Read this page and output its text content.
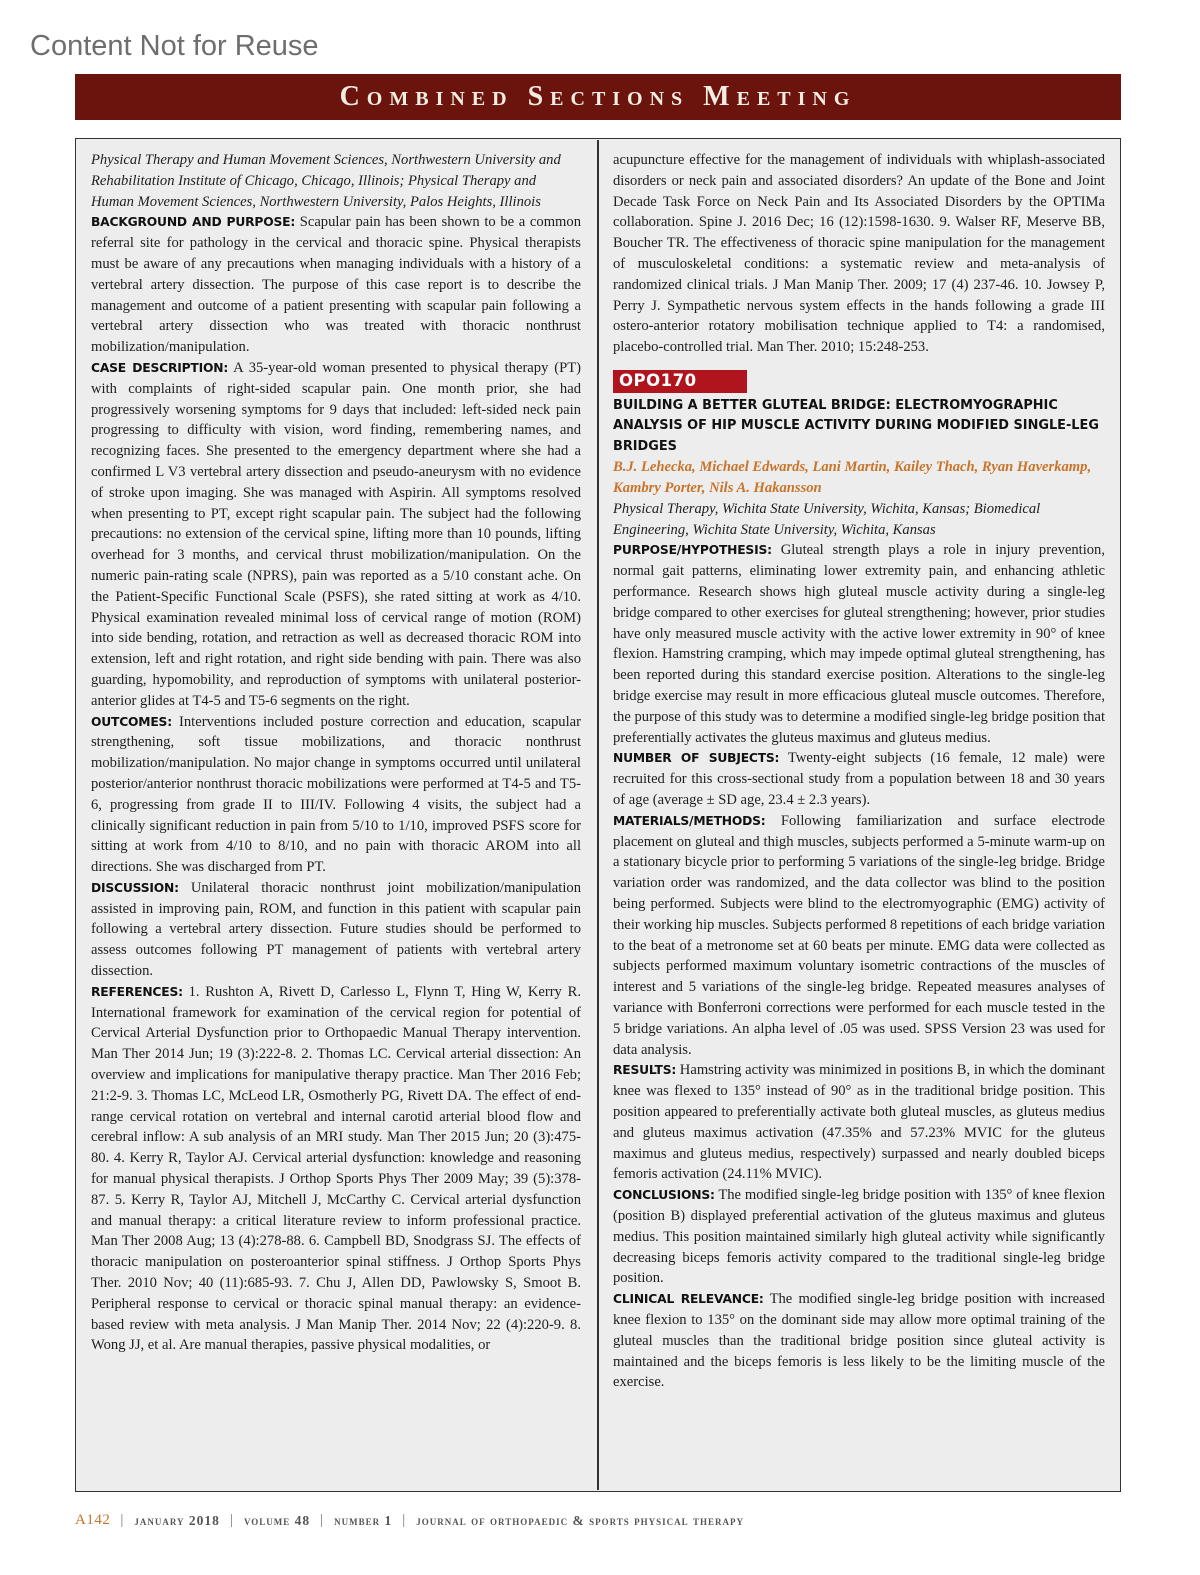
Content Not for Reuse
Combined Sections Meeting

Physical Therapy and Human Movement Sciences, Northwestern University and Rehabilitation Institute of Chicago, Chicago, Illinois; Physical Therapy and Human Movement Sciences, Northwestern University, Palos Heights, Illinois

BACKGROUND AND PURPOSE: Scapular pain has been shown to be a common referral site for pathology in the cervical and thoracic spine. Physical therapists must be aware of any precautions when managing individuals with a history of a vertebral artery dissection. The purpose of this case report is to describe the management and outcome of a patient presenting with scapular pain following a vertebral artery dissection who was treated with thoracic nonthrust mobilization/manipulation.

CASE DESCRIPTION: A 35-year-old woman presented to physical therapy (PT) with complaints of right-sided scapular pain. One month prior, she had progressively worsening symptoms for 9 days that included: left-sided neck pain progressing to difficulty with vision, word finding, remembering names, and recognizing faces. She presented to the emergency department where she had a confirmed L V3 vertebral artery dissection and pseudo-aneurysm with no evidence of stroke upon imaging. She was managed with Aspirin. All symptoms resolved when presenting to PT, except right scapular pain. The subject had the following precautions: no extension of the cervical spine, lifting more than 10 pounds, lifting overhead for 3 months, and cervical thrust mobilization/manipulation. On the numeric pain-rating scale (NPRS), pain was reported as a 5/10 constant ache. On the Patient-Specific Functional Scale (PSFS), she rated sitting at work as 4/10. Physical examination revealed minimal loss of cervical range of motion (ROM) into side bending, rotation, and retraction as well as decreased thoracic ROM into extension, left and right rotation, and right side bending with pain. There was also guarding, hypomobility, and reproduction of symptoms with unilateral posterior-anterior glides at T4-5 and T5-6 segments on the right.

OUTCOMES: Interventions included posture correction and education, scapular strengthening, soft tissue mobilizations, and thoracic nonthrust mobilization/manipulation. No major change in symptoms occurred until unilateral posterior/anterior nonthrust thoracic mobilizations were performed at T4-5 and T5-6, progressing from grade II to III/IV. Following 4 visits, the subject had a clinically significant reduction in pain from 5/10 to 1/10, improved PSFS score for sitting at work from 4/10 to 8/10, and no pain with thoracic AROM into all directions. She was discharged from PT.

DISCUSSION: Unilateral thoracic nonthrust joint mobilization/manipulation assisted in improving pain, ROM, and function in this patient with scapular pain following a vertebral artery dissection. Future studies should be performed to assess outcomes following PT management of patients with vertebral artery dissection.

REFERENCES: 1. Rushton A, Rivett D, Carlesso L, Flynn T, Hing W, Kerry R. International framework for examination of the cervical region for potential of Cervical Arterial Dysfunction prior to Orthopaedic Manual Therapy intervention. Man Ther 2014 Jun; 19 (3):222-8. 2. Thomas LC. Cervical arterial dissection: An overview and implications for manipulative therapy practice. Man Ther 2016 Feb; 21:2-9. 3. Thomas LC, McLeod LR, Osmotherly PG, Rivett DA. The effect of end-range cervical rotation on vertebral and internal carotid arterial blood flow and cerebral inflow: A sub analysis of an MRI study. Man Ther 2015 Jun; 20 (3):475-80. 4. Kerry R, Taylor AJ. Cervical arterial dysfunction: knowledge and reasoning for manual physical therapists. J Orthop Sports Phys Ther 2009 May; 39 (5):378-87. 5. Kerry R, Taylor AJ, Mitchell J, McCarthy C. Cervical arterial dysfunction and manual therapy: a critical literature review to inform professional practice. Man Ther 2008 Aug; 13 (4):278-88. 6. Campbell BD, Snodgrass SJ. The effects of thoracic manipulation on posteroanterior spinal stiffness. J Orthop Sports Phys Ther. 2010 Nov; 40 (11):685-93. 7. Chu J, Allen DD, Pawlowsky S, Smoot B. Peripheral response to cervical or thoracic spinal manual therapy: an evidence-based review with meta analysis. J Man Manip Ther. 2014 Nov; 22 (4):220-9. 8. Wong JJ, et al. Are manual therapies, passive physical modalities, or

acupuncture effective for the management of individuals with whiplash-associated disorders or neck pain and associated disorders? An update of the Bone and Joint Decade Task Force on Neck Pain and Its Associated Disorders by the OPTIMa collaboration. Spine J. 2016 Dec; 16 (12):1598-1630. 9. Walser RF, Meserve BB, Boucher TR. The effectiveness of thoracic spine manipulation for the management of musculoskeletal conditions: a systematic review and meta-analysis of randomized clinical trials. J Man Manip Ther. 2009; 17 (4) 237-46. 10. Jowsey P, Perry J. Sympathetic nervous system effects in the hands following a grade III ostero-anterior rotatory mobilisation technique applied to T4: a randomised, placebo-controlled trial. Man Ther. 2010; 15:248-253.

OPO170

BUILDING A BETTER GLUTEAL BRIDGE: ELECTROMYOGRAPHIC ANALYSIS OF HIP MUSCLE ACTIVITY DURING MODIFIED SINGLE-LEG BRIDGES

B.J. Lehecka, Michael Edwards, Lani Martin, Kailey Thach, Ryan Haverkamp, Kambry Porter, Nils A. Hakansson

Physical Therapy, Wichita State University, Wichita, Kansas; Biomedical Engineering, Wichita State University, Wichita, Kansas

PURPOSE/HYPOTHESIS: Gluteal strength plays a role in injury prevention, normal gait patterns, eliminating lower extremity pain, and enhancing athletic performance. Research shows high gluteal muscle activity during a single-leg bridge compared to other exercises for gluteal strengthening; however, prior studies have only measured muscle activity with the active lower extremity in 90° of knee flexion. Hamstring cramping, which may impede optimal gluteal strengthening, has been reported during this standard exercise position. Alterations to the single-leg bridge exercise may result in more efficacious gluteal muscle outcomes. Therefore, the purpose of this study was to determine a modified single-leg bridge position that preferentially activates the gluteus maximus and gluteus medius.

NUMBER OF SUBJECTS: Twenty-eight subjects (16 female, 12 male) were recruited for this cross-sectional study from a population between 18 and 30 years of age (average ± SD age, 23.4 ± 2.3 years).

MATERIALS/METHODS: Following familiarization and surface electrode placement on gluteal and thigh muscles, subjects performed a 5-minute warm-up on a stationary bicycle prior to performing 5 variations of the single-leg bridge. Bridge variation order was randomized, and the data collector was blind to the position being performed. Subjects were blind to the electromyographic (EMG) activity of their working hip muscles. Subjects performed 8 repetitions of each bridge variation to the beat of a metronome set at 60 beats per minute. EMG data were collected as subjects performed maximum voluntary isometric contractions of the muscles of interest and 5 variations of the single-leg bridge. Repeated measures analyses of variance with Bonferroni corrections were performed for each muscle tested in the 5 bridge variations. An alpha level of .05 was used. SPSS Version 23 was used for data analysis.

RESULTS: Hamstring activity was minimized in positions B, in which the dominant knee was flexed to 135° instead of 90° as in the traditional bridge position. This position appeared to preferentially activate both gluteal muscles, as gluteus medius and gluteus maximus activation (47.35% and 57.23% MVIC for the gluteus maximus and gluteus medius, respectively) surpassed and nearly doubled biceps femoris activation (24.11% MVIC).

CONCLUSIONS: The modified single-leg bridge position with 135° of knee flexion (position B) displayed preferential activation of the gluteus maximus and gluteus medius. This position maintained similarly high gluteal activity while significantly decreasing biceps femoris activity compared to the traditional single-leg bridge position.

CLINICAL RELEVANCE: The modified single-leg bridge position with increased knee flexion to 135° on the dominant side may allow more optimal training of the gluteal muscles than the traditional bridge position since gluteal activity is maintained and the biceps femoris is less likely to be the limiting muscle of the exercise.

A142 | january 2018 | volume 48 | number 1 | journal of orthopaedic & sports physical therapy
